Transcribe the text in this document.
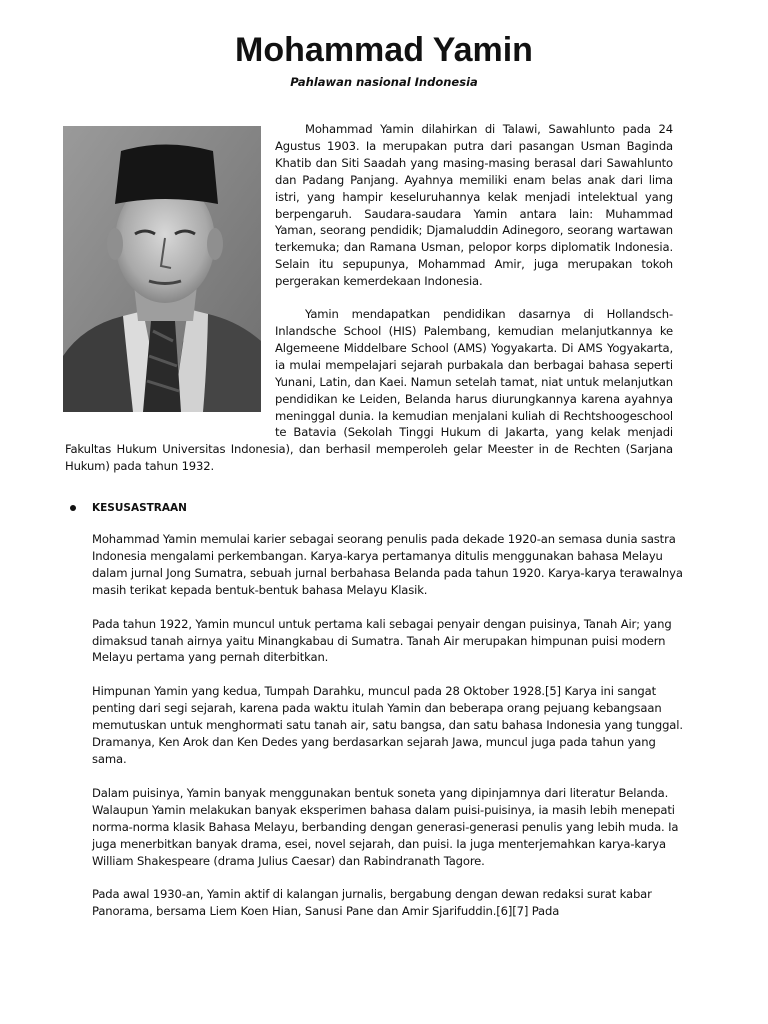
Mohammad Yamin
Pahlawan nasional Indonesia

Mohammad Yamin dilahirkan di Talawi, Sawahlunto pada 24 Agustus 1903. Ia merupakan putra dari pasangan Usman Baginda Khatib dan Siti Saadah yang masing-masing berasal dari Sawahlunto dan Padang Panjang. Ayahnya memiliki enam belas anak dari lima istri, yang hampir keseluruhannya kelak menjadi intelektual yang berpengaruh. Saudara-saudara Yamin antara lain: Muhammad Yaman, seorang pendidik; Djamaluddin Adinegoro, seorang wartawan terkemuka; dan Ramana Usman, pelopor korps diplomatik Indonesia. Selain itu sepupunya, Mohammad Amir, juga merupakan tokoh pergerakan kemerdekaan Indonesia.

Yamin mendapatkan pendidikan dasarnya di Hollandsch-Inlandsche School (HIS) Palembang, kemudian melanjutkannya ke Algemeene Middelbare School (AMS) Yogyakarta. Di AMS Yogyakarta, ia mulai mempelajari sejarah purbakala dan berbagai bahasa seperti Yunani, Latin, dan Kaei. Namun setelah tamat, niat untuk melanjutkan pendidikan ke Leiden, Belanda harus diurungkannya karena ayahnya meninggal dunia. Ia kemudian menjalani kuliah di Rechtshoogeschool te Batavia (Sekolah Tinggi Hukum di Jakarta, yang kelak menjadi Fakultas Hukum Universitas Indonesia), dan berhasil memperoleh gelar Meester in de Rechten (Sarjana Hukum) pada tahun 1932.

KESUSASTRAAN

Mohammad Yamin memulai karier sebagai seorang penulis pada dekade 1920-an semasa dunia sastra Indonesia mengalami perkembangan. Karya-karya pertamanya ditulis menggunakan bahasa Melayu dalam jurnal Jong Sumatra, sebuah jurnal berbahasa Belanda pada tahun 1920. Karya-karya terawalnya masih terikat kepada bentuk-bentuk bahasa Melayu Klasik.

Pada tahun 1922, Yamin muncul untuk pertama kali sebagai penyair dengan puisinya, Tanah Air; yang dimaksud tanah airnya yaitu Minangkabau di Sumatra. Tanah Air merupakan himpunan puisi modern Melayu pertama yang pernah diterbitkan.

Himpunan Yamin yang kedua, Tumpah Darahku, muncul pada 28 Oktober 1928.[5] Karya ini sangat penting dari segi sejarah, karena pada waktu itulah Yamin dan beberapa orang pejuang kebangsaan memutuskan untuk menghormati satu tanah air, satu bangsa, dan satu bahasa Indonesia yang tunggal. Dramanya, Ken Arok dan Ken Dedes yang berdasarkan sejarah Jawa, muncul juga pada tahun yang sama.

Dalam puisinya, Yamin banyak menggunakan bentuk soneta yang dipinjamnya dari literatur Belanda. Walaupun Yamin melakukan banyak eksperimen bahasa dalam puisi-puisinya, ia masih lebih menepati norma-norma klasik Bahasa Melayu, berbanding dengan generasi-generasi penulis yang lebih muda. Ia juga menerbitkan banyak drama, esei, novel sejarah, dan puisi. Ia juga menterjemahkan karya-karya William Shakespeare (drama Julius Caesar) dan Rabindranath Tagore.

Pada awal 1930-an, Yamin aktif di kalangan jurnalis, bergabung dengan dewan redaksi surat kabar Panorama, bersama Liem Koen Hian, Sanusi Pane dan Amir Sjarifuddin.[6][7] Pada
